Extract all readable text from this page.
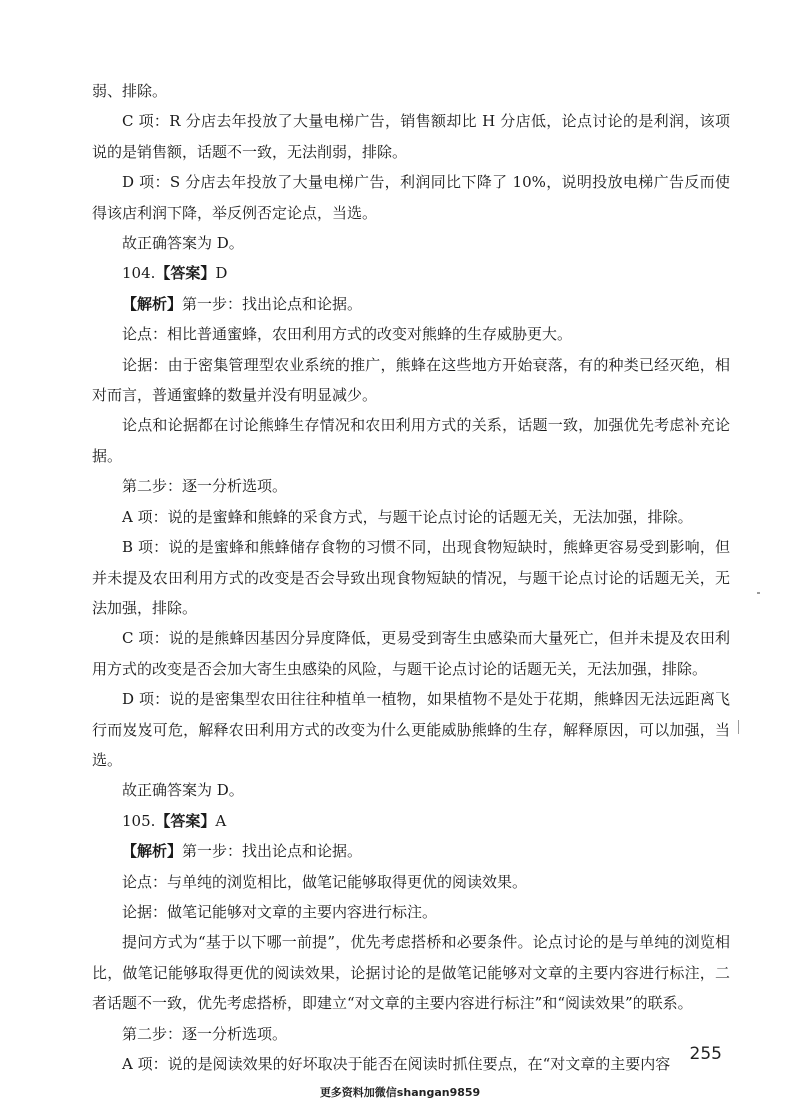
弱、排除。

C 项：R 分店去年投放了大量电梯广告，销售额却比 H 分店低，论点讨论的是利润，该项说的是销售额，话题不一致，无法削弱，排除。

D 项：S 分店去年投放了大量电梯广告，利润同比下降了 10%，说明投放电梯广告反而使得该店利润下降，举反例否定论点，当选。

故正确答案为 D。

104.【答案】D

【解析】第一步：找出论点和论据。

论点：相比普通蜜蜂，农田利用方式的改变对熊蜂的生存威胁更大。

论据：由于密集管理型农业系统的推广，熊蜂在这些地方开始衰落，有的种类已经灭绝，相对而言，普通蜜蜂的数量并没有明显减少。

论点和论据都在讨论熊蜂生存情况和农田利用方式的关系，话题一致，加强优先考虑补充论据。

第二步：逐一分析选项。

A 项：说的是蜜蜂和熊蜂的采食方式，与题干论点讨论的话题无关，无法加强，排除。

B 项：说的是蜜蜂和熊蜂储存食物的习惯不同，出现食物短缺时，熊蜂更容易受到影响，但并未提及农田利用方式的改变是否会导致出现食物短缺的情况，与题干论点讨论的话题无关，无法加强，排除。

C 项：说的是熊蜂因基因分异度降低，更易受到寄生虫感染而大量死亡，但并未提及农田利用方式的改变是否会加大寄生虫感染的风险，与题干论点讨论的话题无关，无法加强，排除。

D 项：说的是密集型农田往往种植单一植物，如果植物不是处于花期，熊蜂因无法远距离飞行而岌岌可危，解释农田利用方式的改变为什么更能威胁熊蜂的生存，解释原因，可以加强，当选。

故正确答案为 D。

105.【答案】A

【解析】第一步：找出论点和论据。

论点：与单纯的浏览相比，做笔记能够取得更优的阅读效果。

论据：做笔记能够对文章的主要内容进行标注。

提问方式为“基于以下哪一前提”，优先考虑搭桥和必要条件。论点讨论的是与单纯的浏览相比，做笔记能够取得更优的阅读效果，论据讨论的是做笔记能够对文章的主要内容进行标注，二者话题不一致，优先考虑搭桥，即建立“对文章的主要内容进行标注”和“阅读效果”的联系。

第二步：逐一分析选项。

A 项：说的是阅读效果的好坏取决于能否在阅读时抓住要点，在“对文章的主要内容	255
更多资料加微信shangan9859
